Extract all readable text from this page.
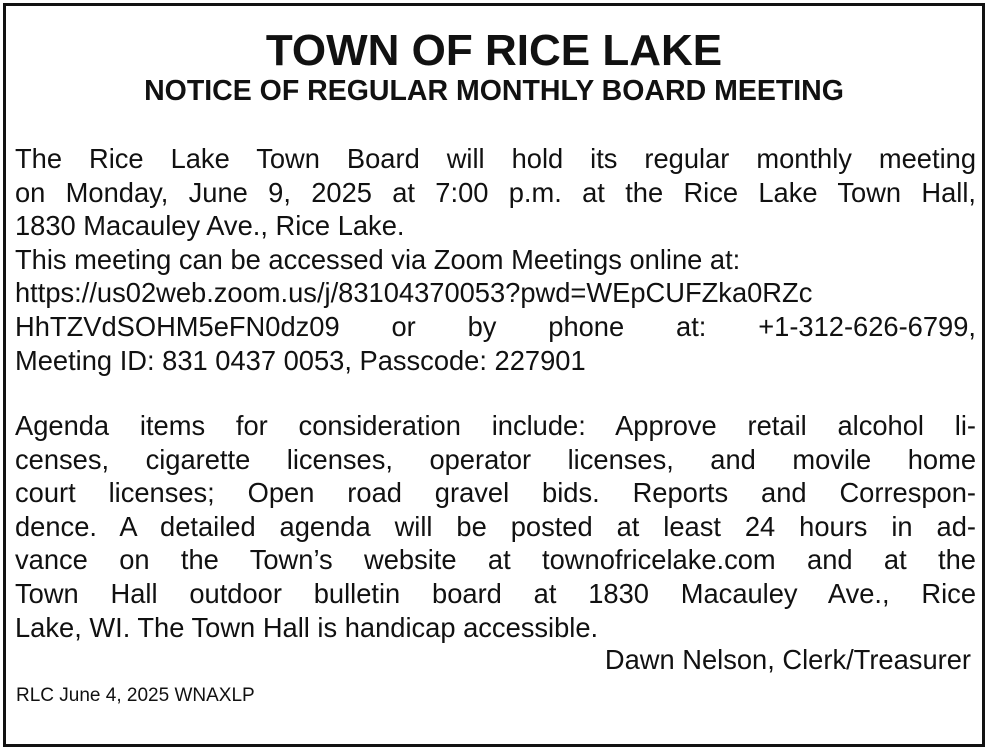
TOWN OF RICE LAKE
NOTICE OF REGULAR MONTHLY BOARD MEETING
The Rice Lake Town Board will hold its regular monthly meeting
on Monday, June 9, 2025 at 7:00 p.m. at the Rice Lake Town Hall,
1830 Macauley Ave., Rice Lake.
This meeting can be accessed via Zoom Meetings online at:
https://us02web.zoom.us/j/83104370053?pwd=WEpCUFZka0RZc
HhTZVdSOHM5eFN0dz09 or by phone at: +1-312-626-6799,
Meeting ID: 831 0437 0053, Passcode: 227901
Agenda items for consideration include: Approve retail alcohol li-
censes, cigarette licenses, operator licenses, and movile home
court licenses; Open road gravel bids. Reports and Correspon-
dence. A detailed agenda will be posted at least 24 hours in ad-
vance on the Town’s website at townofricelake.com and at the
Town Hall outdoor bulletin board at 1830 Macauley Ave., Rice
Lake, WI. The Town Hall is handicap accessible.
Dawn Nelson, Clerk/Treasurer
RLC June 4, 2025 WNAXLP
